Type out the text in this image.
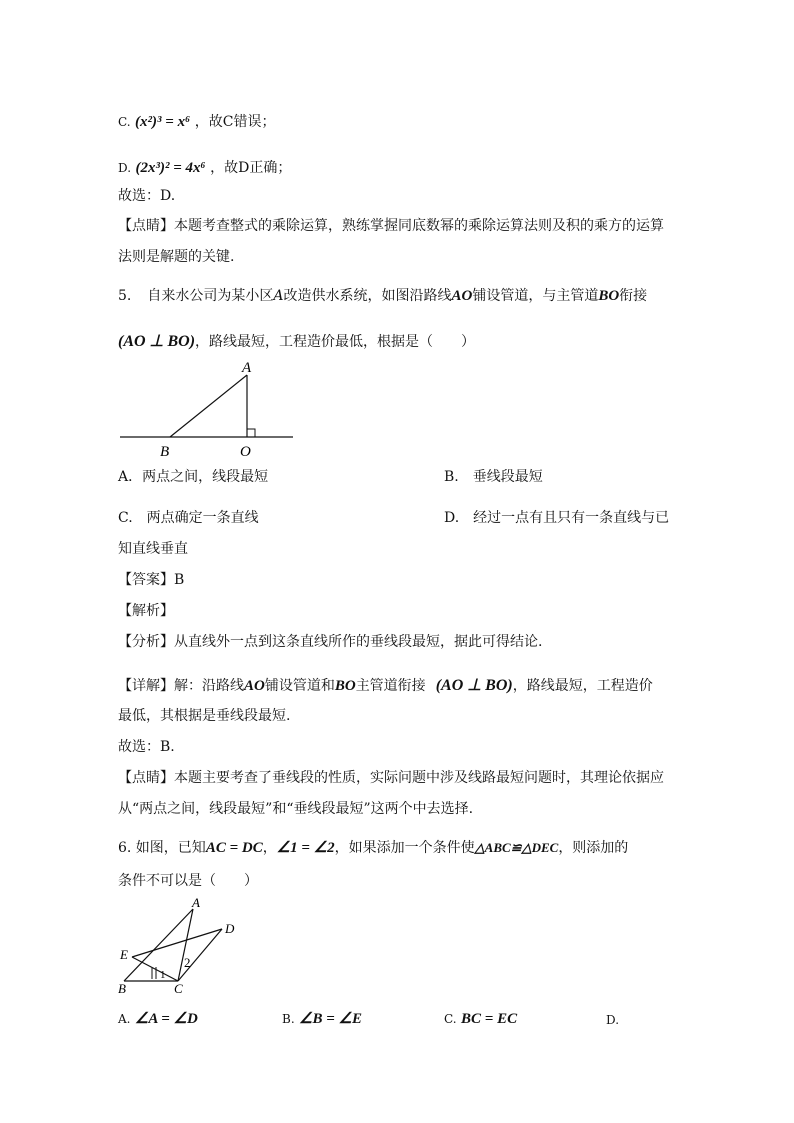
C. (x²)³ = x⁶ ，故C错误；
D. (2x³)² = 4x⁶ ，故D正确；
故选：D.
【点睛】本题考查整式的乘除运算，熟练掌握同底数幂的乘除运算法则及积的乘方的运算
法则是解题的关键.
5. 自来水公司为某小区A改造供水系统，如图沿路线AO铺设管道，与主管道BO衔接
(AO ⊥ BO)，路线最短，工程造价最低，根据是（　　）
A
B	O
A．两点之间，线段最短	B.　垂线段最短
C.　两点确定一条直线	D.　经过一点有且只有一条直线与已
知直线垂直
【答案】B
【解析】
【分析】从直线外一点到这条直线所作的垂线段最短，据此可得结论.
【详解】解：沿路线AO铺设管道和BO主管道衔接 (AO ⊥ BO)，路线最短，工程造价
最低，其根据是垂线段最短.
故选：B.
【点睛】本题主要考查了垂线段的性质，实际问题中涉及线路最短问题时，其理论依据应
从“两点之间，线段最短”和“垂线段最短”这两个中去选择.
6. 如图，已知AC = DC，∠1 = ∠2，如果添加一个条件使△ABC≌△DEC，则添加的
条件不可以是（　　）
A
D
E
B	C
1
2
A. ∠A = ∠D	B. ∠B = ∠E	C. BC = EC	D.
